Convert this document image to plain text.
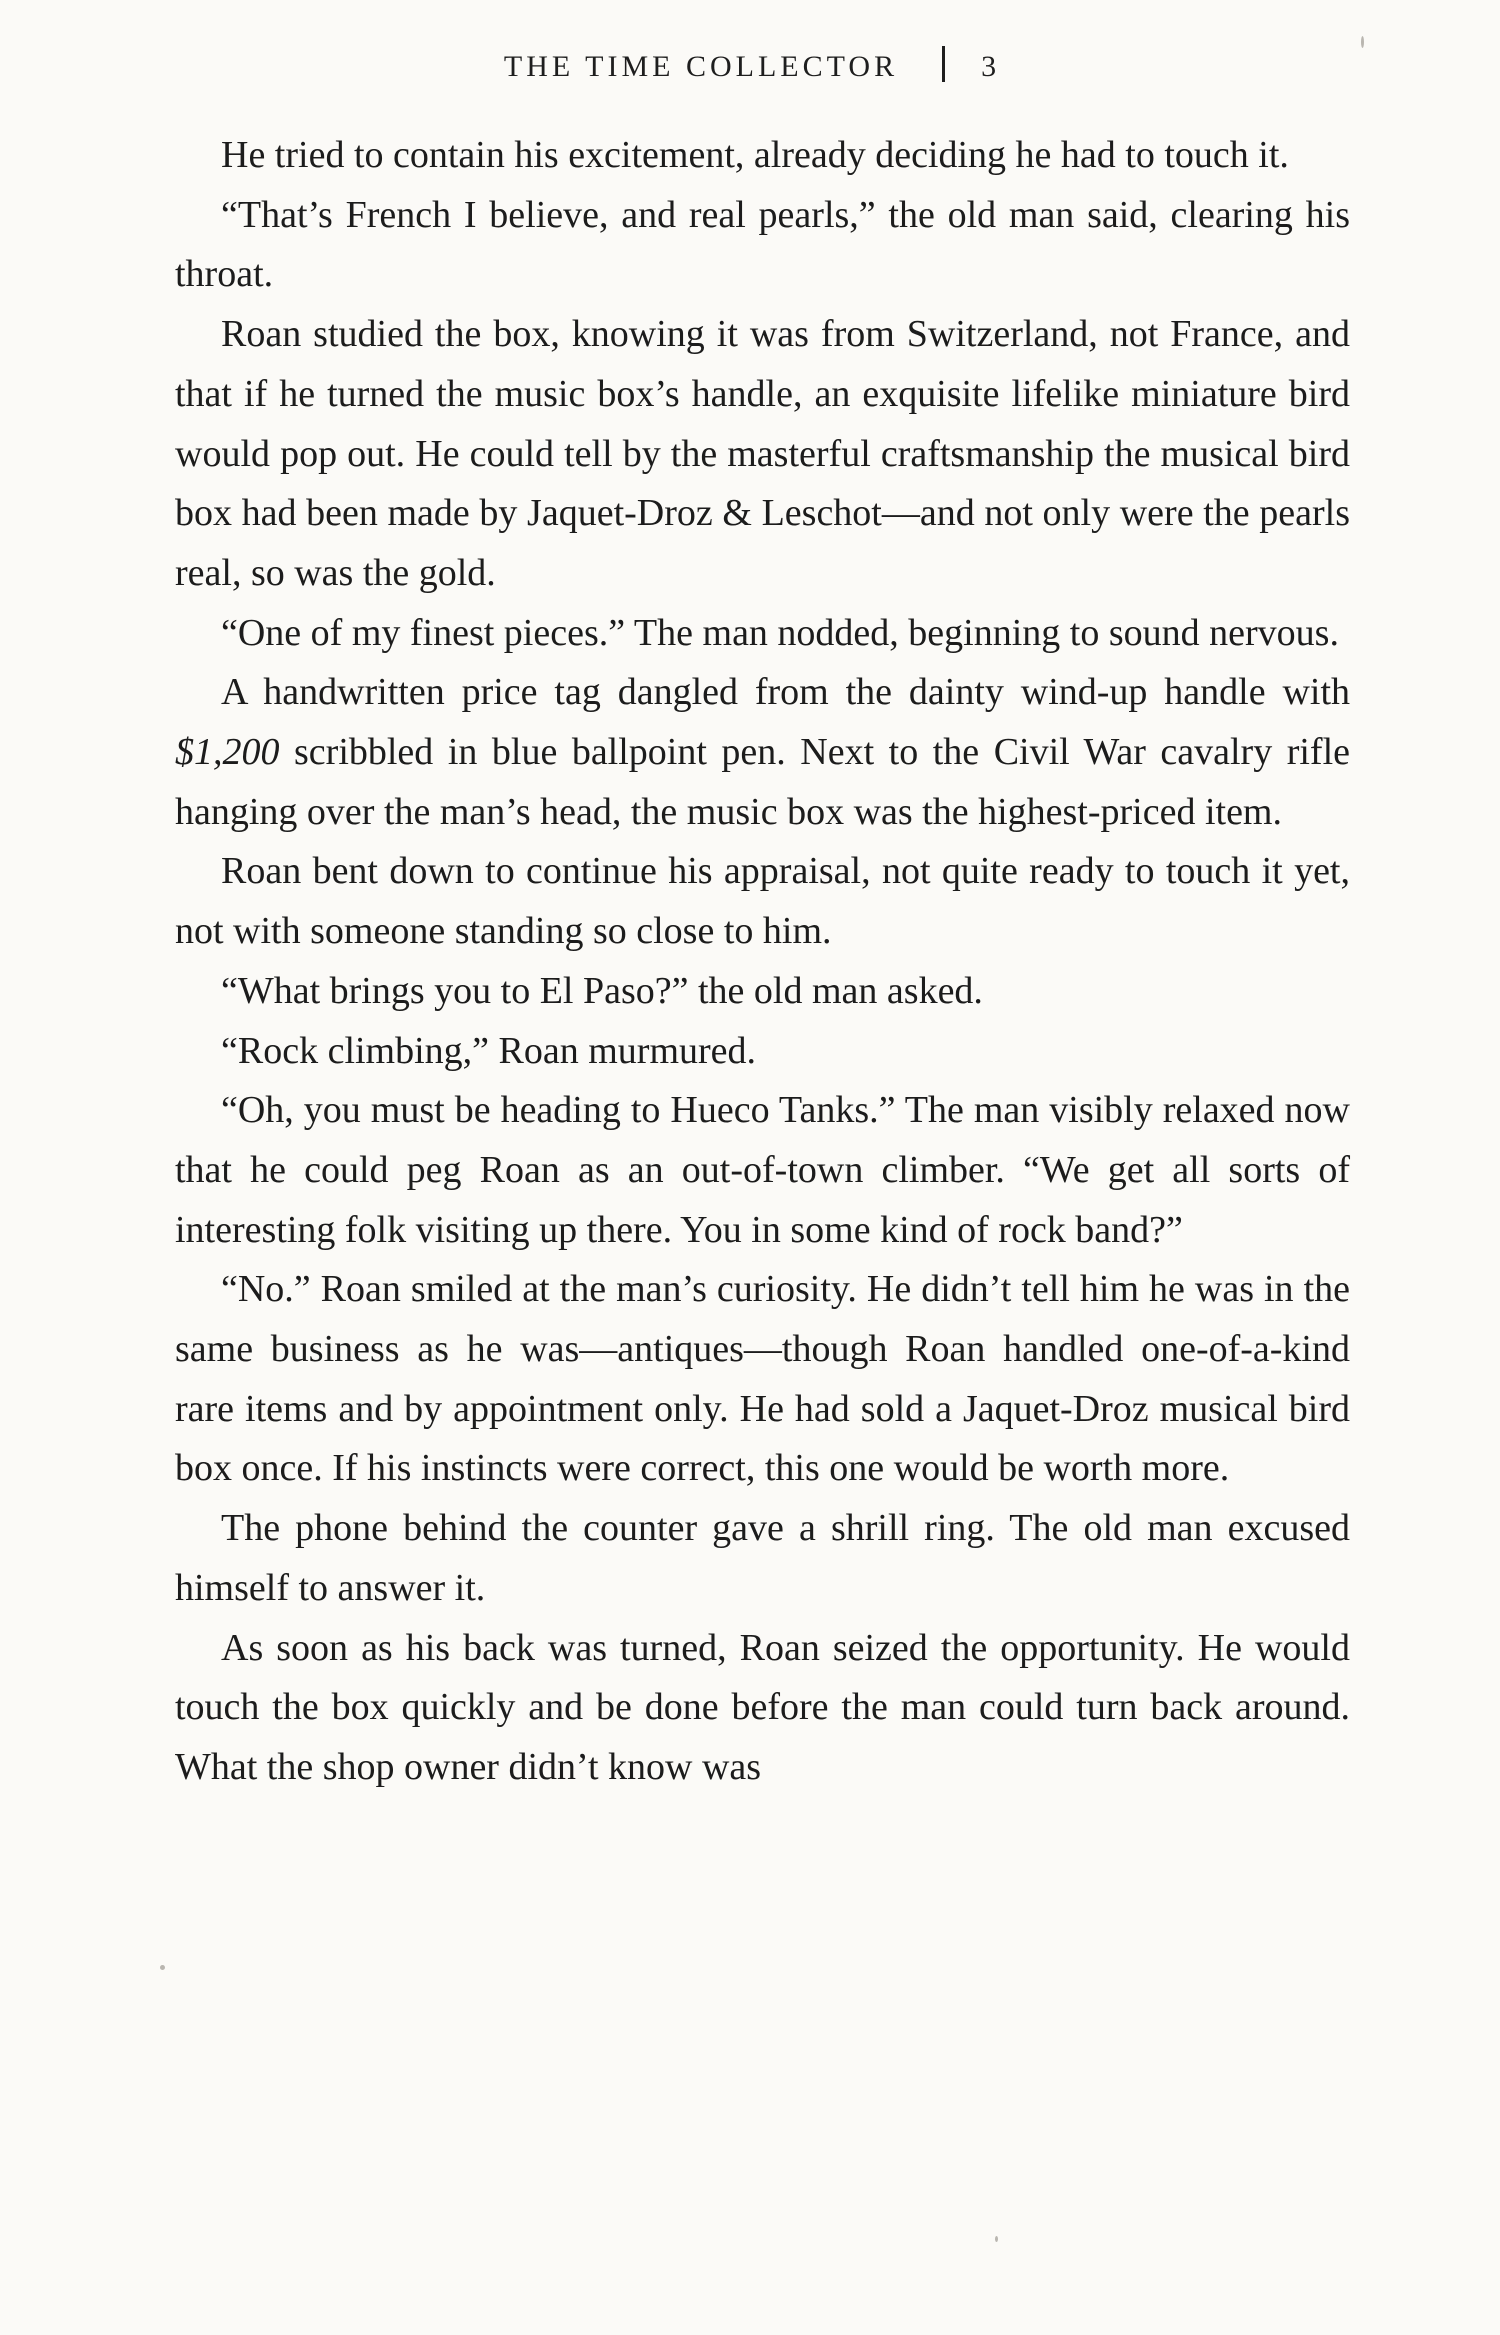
THE TIME COLLECTOR	3

He tried to contain his excitement, already deciding he had to touch it.

“That’s French I believe, and real pearls,” the old man said, clearing his throat.

Roan studied the box, knowing it was from Switzerland, not France, and that if he turned the music box’s handle, an exquisite lifelike miniature bird would pop out. He could tell by the masterful craftsmanship the musical bird box had been made by Jaquet-Droz & Leschot—and not only were the pearls real, so was the gold.

“One of my finest pieces.” The man nodded, beginning to sound nervous.

A handwritten price tag dangled from the dainty wind-up handle with $1,200 scribbled in blue ballpoint pen. Next to the Civil War cavalry rifle hanging over the man’s head, the music box was the highest-priced item.

Roan bent down to continue his appraisal, not quite ready to touch it yet, not with someone standing so close to him.

“What brings you to El Paso?” the old man asked.

“Rock climbing,” Roan murmured.

“Oh, you must be heading to Hueco Tanks.” The man visibly relaxed now that he could peg Roan as an out-of-town climber. “We get all sorts of interesting folk visiting up there. You in some kind of rock band?”

“No.” Roan smiled at the man’s curiosity. He didn’t tell him he was in the same business as he was—antiques—though Roan handled one-of-a-kind rare items and by appointment only. He had sold a Jaquet-Droz musical bird box once. If his instincts were correct, this one would be worth more.

The phone behind the counter gave a shrill ring. The old man excused himself to answer it.

As soon as his back was turned, Roan seized the opportunity. He would touch the box quickly and be done before the man could turn back around. What the shop owner didn’t know was
